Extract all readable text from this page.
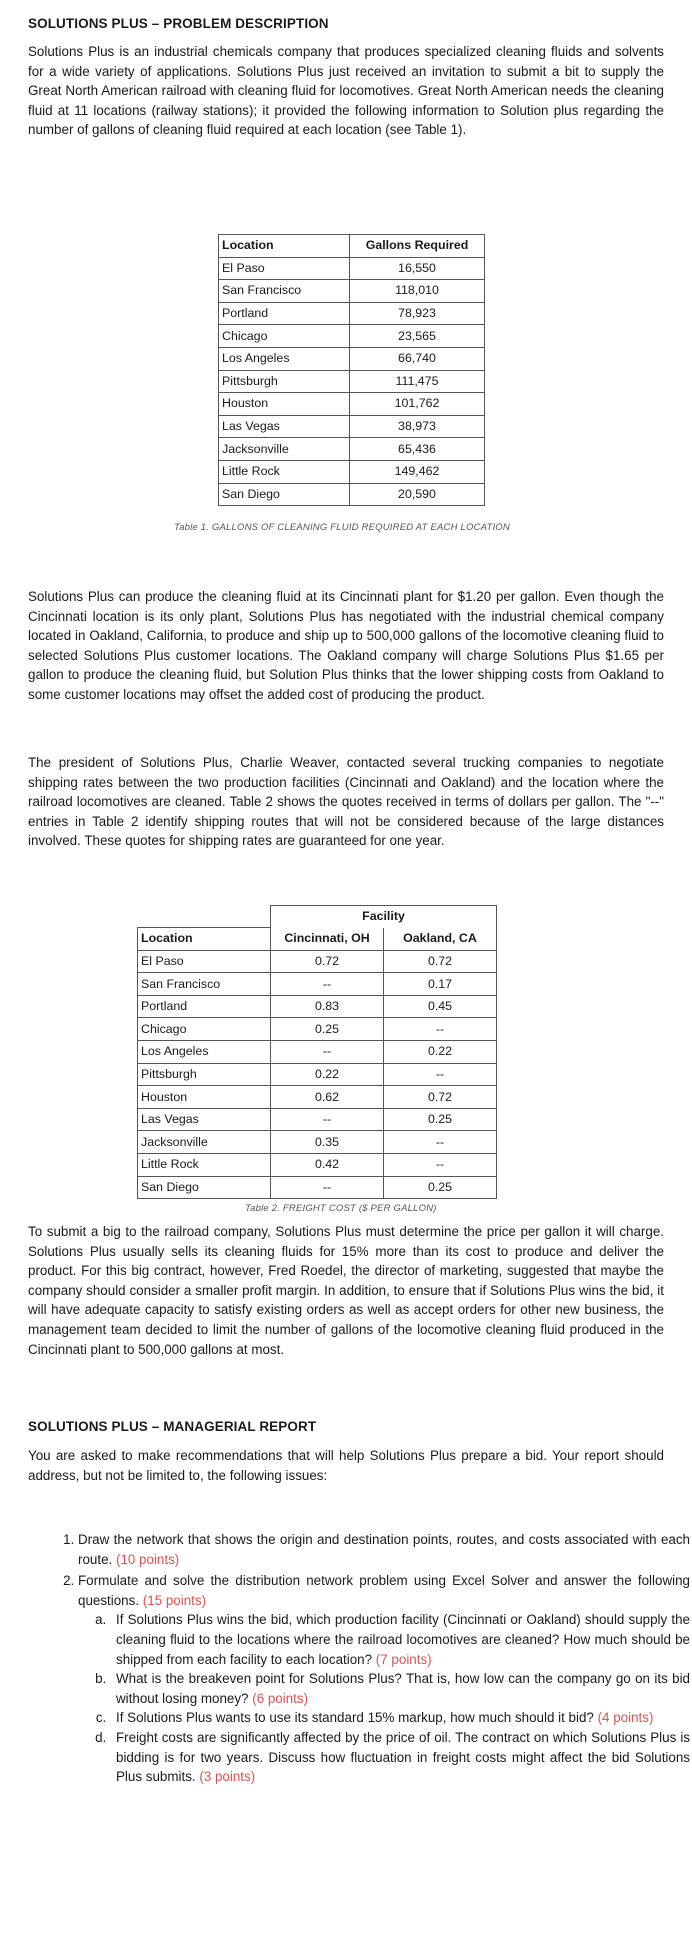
SOLUTIONS PLUS – PROBLEM DESCRIPTION

Solutions Plus is an industrial chemicals company that produces specialized cleaning fluids and solvents for a wide variety of applications. Solutions Plus just received an invitation to submit a bit to supply the Great North American railroad with cleaning fluid for locomotives. Great North American needs the cleaning fluid at 11 locations (railway stations); it provided the following information to Solution plus regarding the number of gallons of cleaning fluid required at each location (see Table 1).

Location	Gallons Required
El Paso	16,550
San Francisco	118,010
Portland	78,923
Chicago	23,565
Los Angeles	66,740
Pittsburgh	111,475
Houston	101,762
Las Vegas	38,973
Jacksonville	65,436
Little Rock	149,462
San Diego	20,590
Table 1. GALLONS OF CLEANING FLUID REQUIRED AT EACH LOCATION

Solutions Plus can produce the cleaning fluid at its Cincinnati plant for $1.20 per gallon. Even though the Cincinnati location is its only plant, Solutions Plus has negotiated with the industrial chemical company located in Oakland, California, to produce and ship up to 500,000 gallons of the locomotive cleaning fluid to selected Solutions Plus customer locations. The Oakland company will charge Solutions Plus $1.65 per gallon to produce the cleaning fluid, but Solution Plus thinks that the lower shipping costs from Oakland to some customer locations may offset the added cost of producing the product.

The president of Solutions Plus, Charlie Weaver, contacted several trucking companies to negotiate shipping rates between the two production facilities (Cincinnati and Oakland) and the location where the railroad locomotives are cleaned. Table 2 shows the quotes received in terms of dollars per gallon. The "--" entries in Table 2 identify shipping routes that will not be considered because of the large distances involved. These quotes for shipping rates are guaranteed for one year.

	Facility	
Location	Cincinnati, OH	Oakland, CA
El Paso	0.72	0.72
San Francisco	--	0.17
Portland	0.83	0.45
Chicago	0.25	--
Los Angeles	--	0.22
Pittsburgh	0.22	--
Houston	0.62	0.72
Las Vegas	--	0.25
Jacksonville	0.35	--
Little Rock	0.42	--
San Diego	--	0.25
Table 2. FREIGHT COST ($ PER GALLON)

To submit a big to the railroad company, Solutions Plus must determine the price per gallon it will charge. Solutions Plus usually sells its cleaning fluids for 15% more than its cost to produce and deliver the product. For this big contract, however, Fred Roedel, the director of marketing, suggested that maybe the company should consider a smaller profit margin. In addition, to ensure that if Solutions Plus wins the bid, it will have adequate capacity to satisfy existing orders as well as accept orders for other new business, the management team decided to limit the number of gallons of the locomotive cleaning fluid produced in the Cincinnati plant to 500,000 gallons at most.

SOLUTIONS PLUS – MANAGERIAL REPORT

You are asked to make recommendations that will help Solutions Plus prepare a bid. Your report should address, but not be limited to, the following issues:

1. Draw the network that shows the origin and destination points, routes, and costs associated with each route. (10 points)
2. Formulate and solve the distribution network problem using Excel Solver and answer the following questions. (15 points)
a. If Solutions Plus wins the bid, which production facility (Cincinnati or Oakland) should supply the cleaning fluid to the locations where the railroad locomotives are cleaned? How much should be shipped from each facility to each location? (7 points)
b. What is the breakeven point for Solutions Plus? That is, how low can the company go on its bid without losing money? (6 points)
c. If Solutions Plus wants to use its standard 15% markup, how much should it bid? (4 points)
d. Freight costs are significantly affected by the price of oil. The contract on which Solutions Plus is bidding is for two years. Discuss how fluctuation in freight costs might affect the bid Solutions Plus submits. (3 points)
